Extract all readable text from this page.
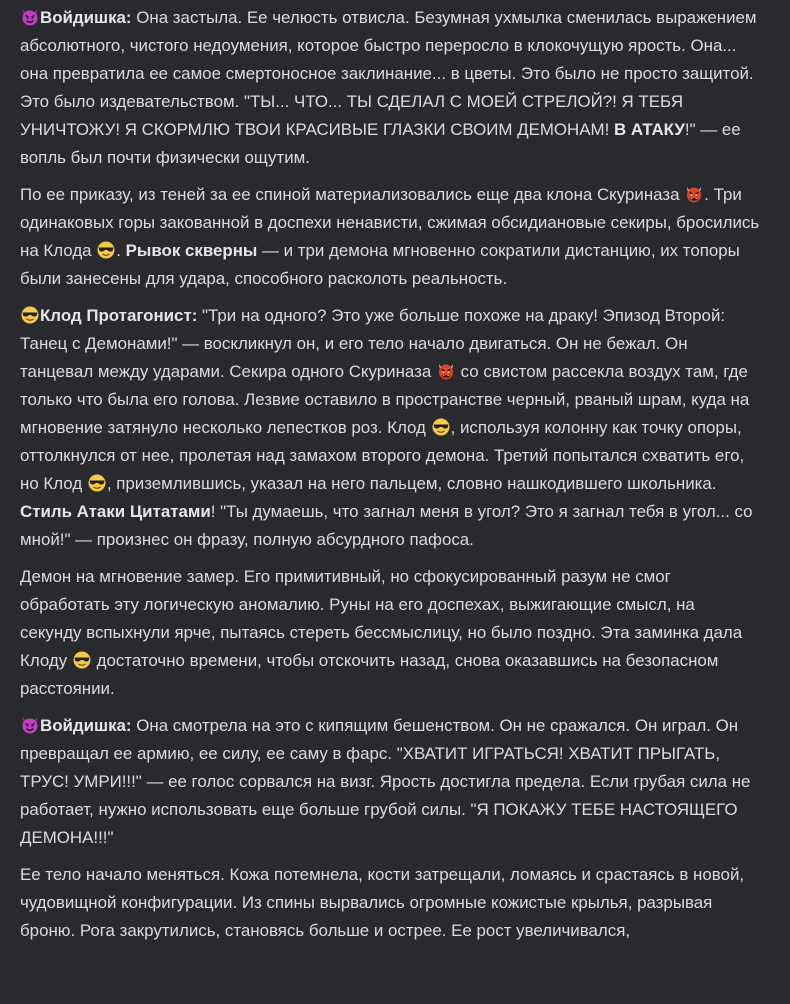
Войдишка: Она застыла. Ее челюсть отвисла. Безумная ухмылка сменилась выражением абсолютного, чистого недоумения, которое быстро переросло в клокочущую ярость. Она... она превратила ее самое смертоносное заклинание... в цветы. Это было не просто защитой. Это было издевательством. "ТЫ... ЧТО... ТЫ СДЕЛАЛ С МОЕЙ СТРЕЛОЙ?! Я ТЕБЯ УНИЧТОЖУ! Я СКОРМЛЮ ТВОИ КРАСИВЫЕ ГЛАЗКИ СВОИМ ДЕМОНАМ! В АТАКУ!" — ее вопль был почти физически ощутим.

По ее приказу, из теней за ее спиной материализовались еще два клона Скуриназа
. Три одинаковых горы закованной в доспехи ненависти, сжимая обсидиановые секиры, бросились на Клода
. Рывок скверны — и три демона мгновенно сократили дистанцию, их топоры были занесены для удара, способного расколоть реальность.

Клод Протагонист: "Три на одного? Это уже больше похоже на драку! Эпизод Второй: Танец с Демонами!" — воскликнул он, и его тело начало двигаться. Он не бежал. Он танцевал между ударами. Секира одного Скуриназа
со свистом рассекла воздух там, где только что была его голова. Лезвие оставило в пространстве черный, рваный шрам, куда на мгновение затянуло несколько лепестков роз. Клод
, используя колонну как точку опоры, оттолкнулся от нее, пролетая над замахом второго демона. Третий попытался схватить его, но Клод
, приземлившись, указал на него пальцем, словно нашкодившего школьника. Стиль Атаки Цитатами! "Ты думаешь, что загнал меня в угол? Это я загнал тебя в угол... со мной!" — произнес он фразу, полную абсурдного пафоса.

Демон на мгновение замер. Его примитивный, но сфокусированный разум не смог обработать эту логическую аномалию. Руны на его доспехах, выжигающие смысл, на секунду вспыхнули ярче, пытаясь стереть бессмыслицу, но было поздно. Эта заминка дала Клоду
достаточно времени, чтобы отскочить назад, снова оказавшись на безопасном расстоянии.

Войдишка: Она смотрела на это с кипящим бешенством. Он не сражался. Он играл. Он превращал ее армию, ее силу, ее саму в фарс. "ХВАТИТ ИГРАТЬСЯ! ХВАТИТ ПРЫГАТЬ, ТРУС! УМРИ!!!" — ее голос сорвался на визг. Ярость достигла предела. Если грубая сила не работает, нужно использовать еще больше грубой силы. "Я ПОКАЖУ ТЕБЕ НАСТОЯЩЕГО ДЕМОНА!!!"

Ее тело начало меняться. Кожа потемнела, кости затрещали, ломаясь и срастаясь в новой, чудовищной конфигурации. Из спины вырвались огромные кожистые крылья, разрывая броню. Рога закрутились, становясь больше и острее. Ее рост увеличивался,
